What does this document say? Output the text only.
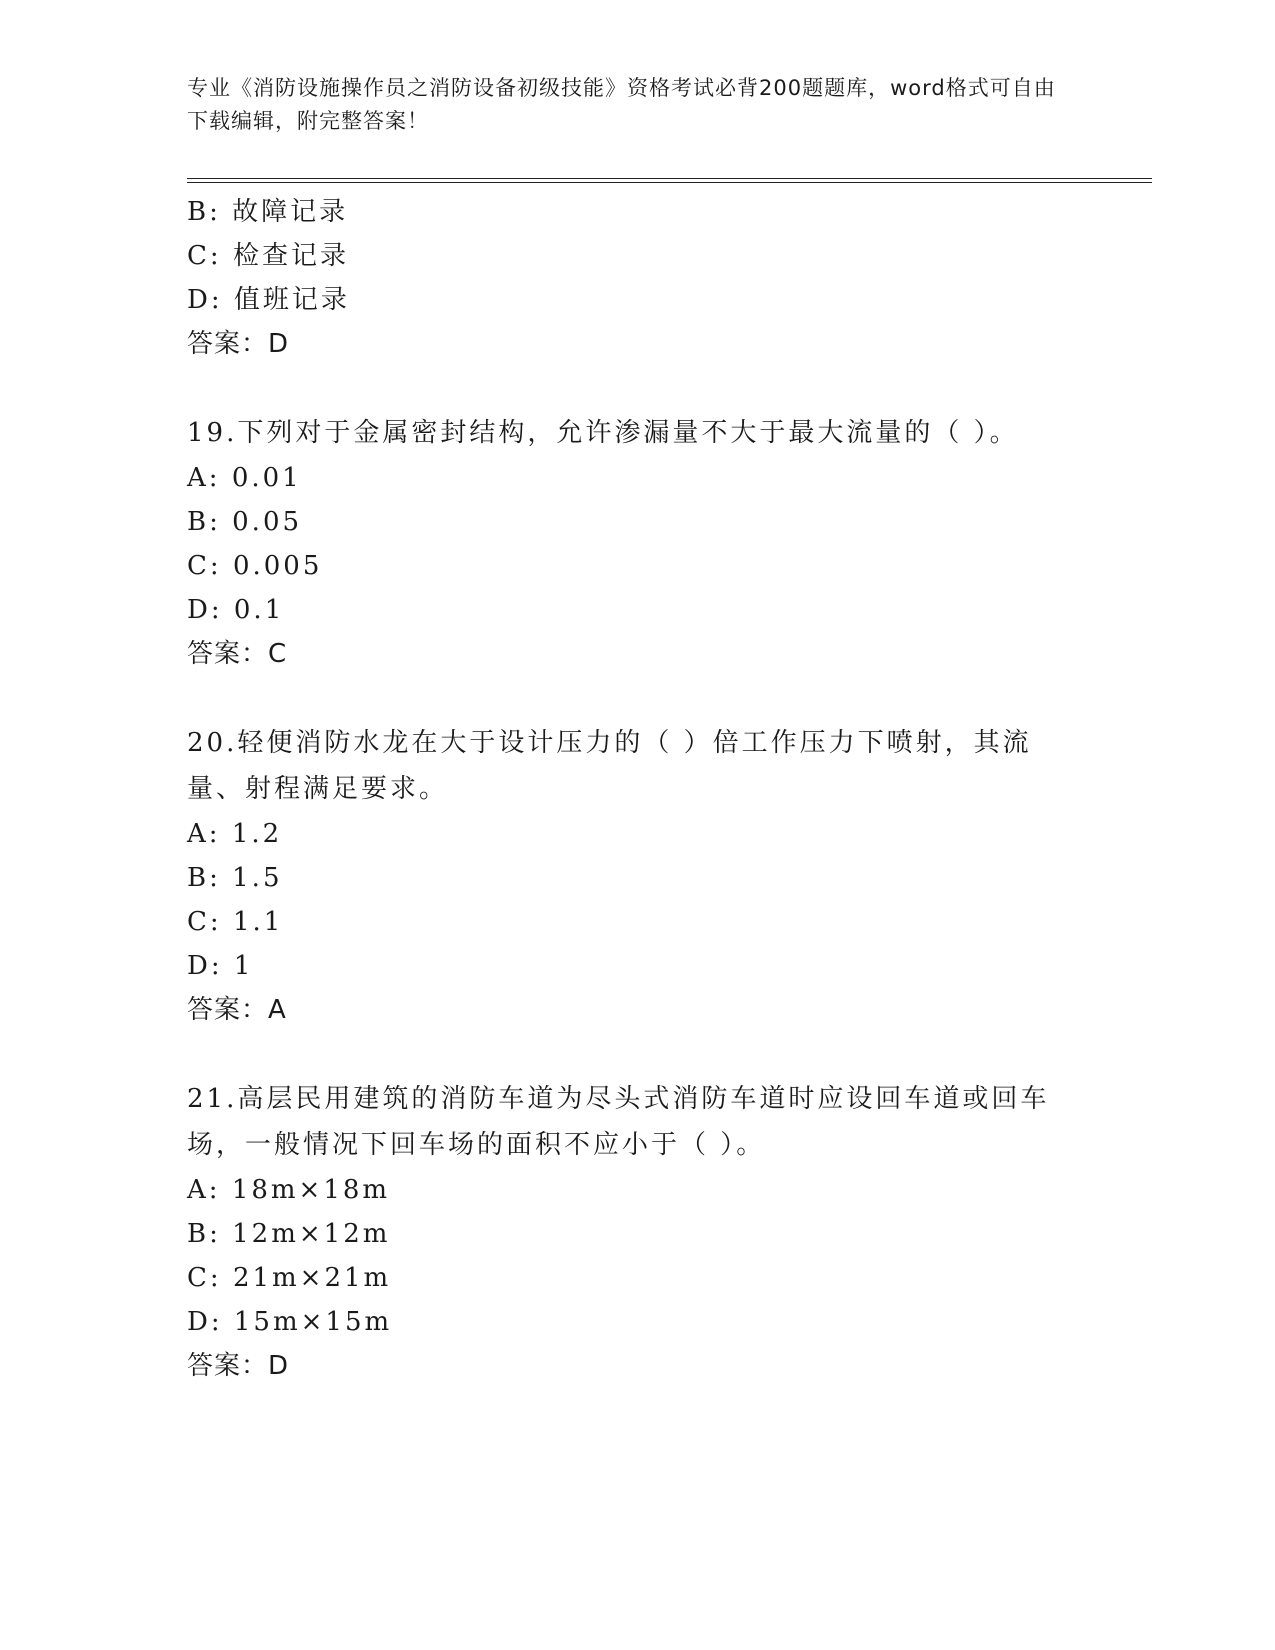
专业《消防设施操作员之消防设备初级技能》资格考试必背200题题库，word格式可自由下载编辑，附完整答案！
B: 故障记录
C: 检查记录
D: 值班记录
答案：D
19.下列对于金属密封结构，允许渗漏量不大于最大流量的（ ）。
A: 0.01
B: 0.05
C: 0.005
D: 0.1
答案：C
20.轻便消防水龙在大于设计压力的（ ）倍工作压力下喷射，其流量、射程满足要求。
A: 1.2
B: 1.5
C: 1.1
D: 1
答案：A
21.高层民用建筑的消防车道为尽头式消防车道时应设回车道或回车场，一般情况下回车场的面积不应小于（ ）。
A: 18m×18m
B: 12m×12m
C: 21m×21m
D: 15m×15m
答案：D
